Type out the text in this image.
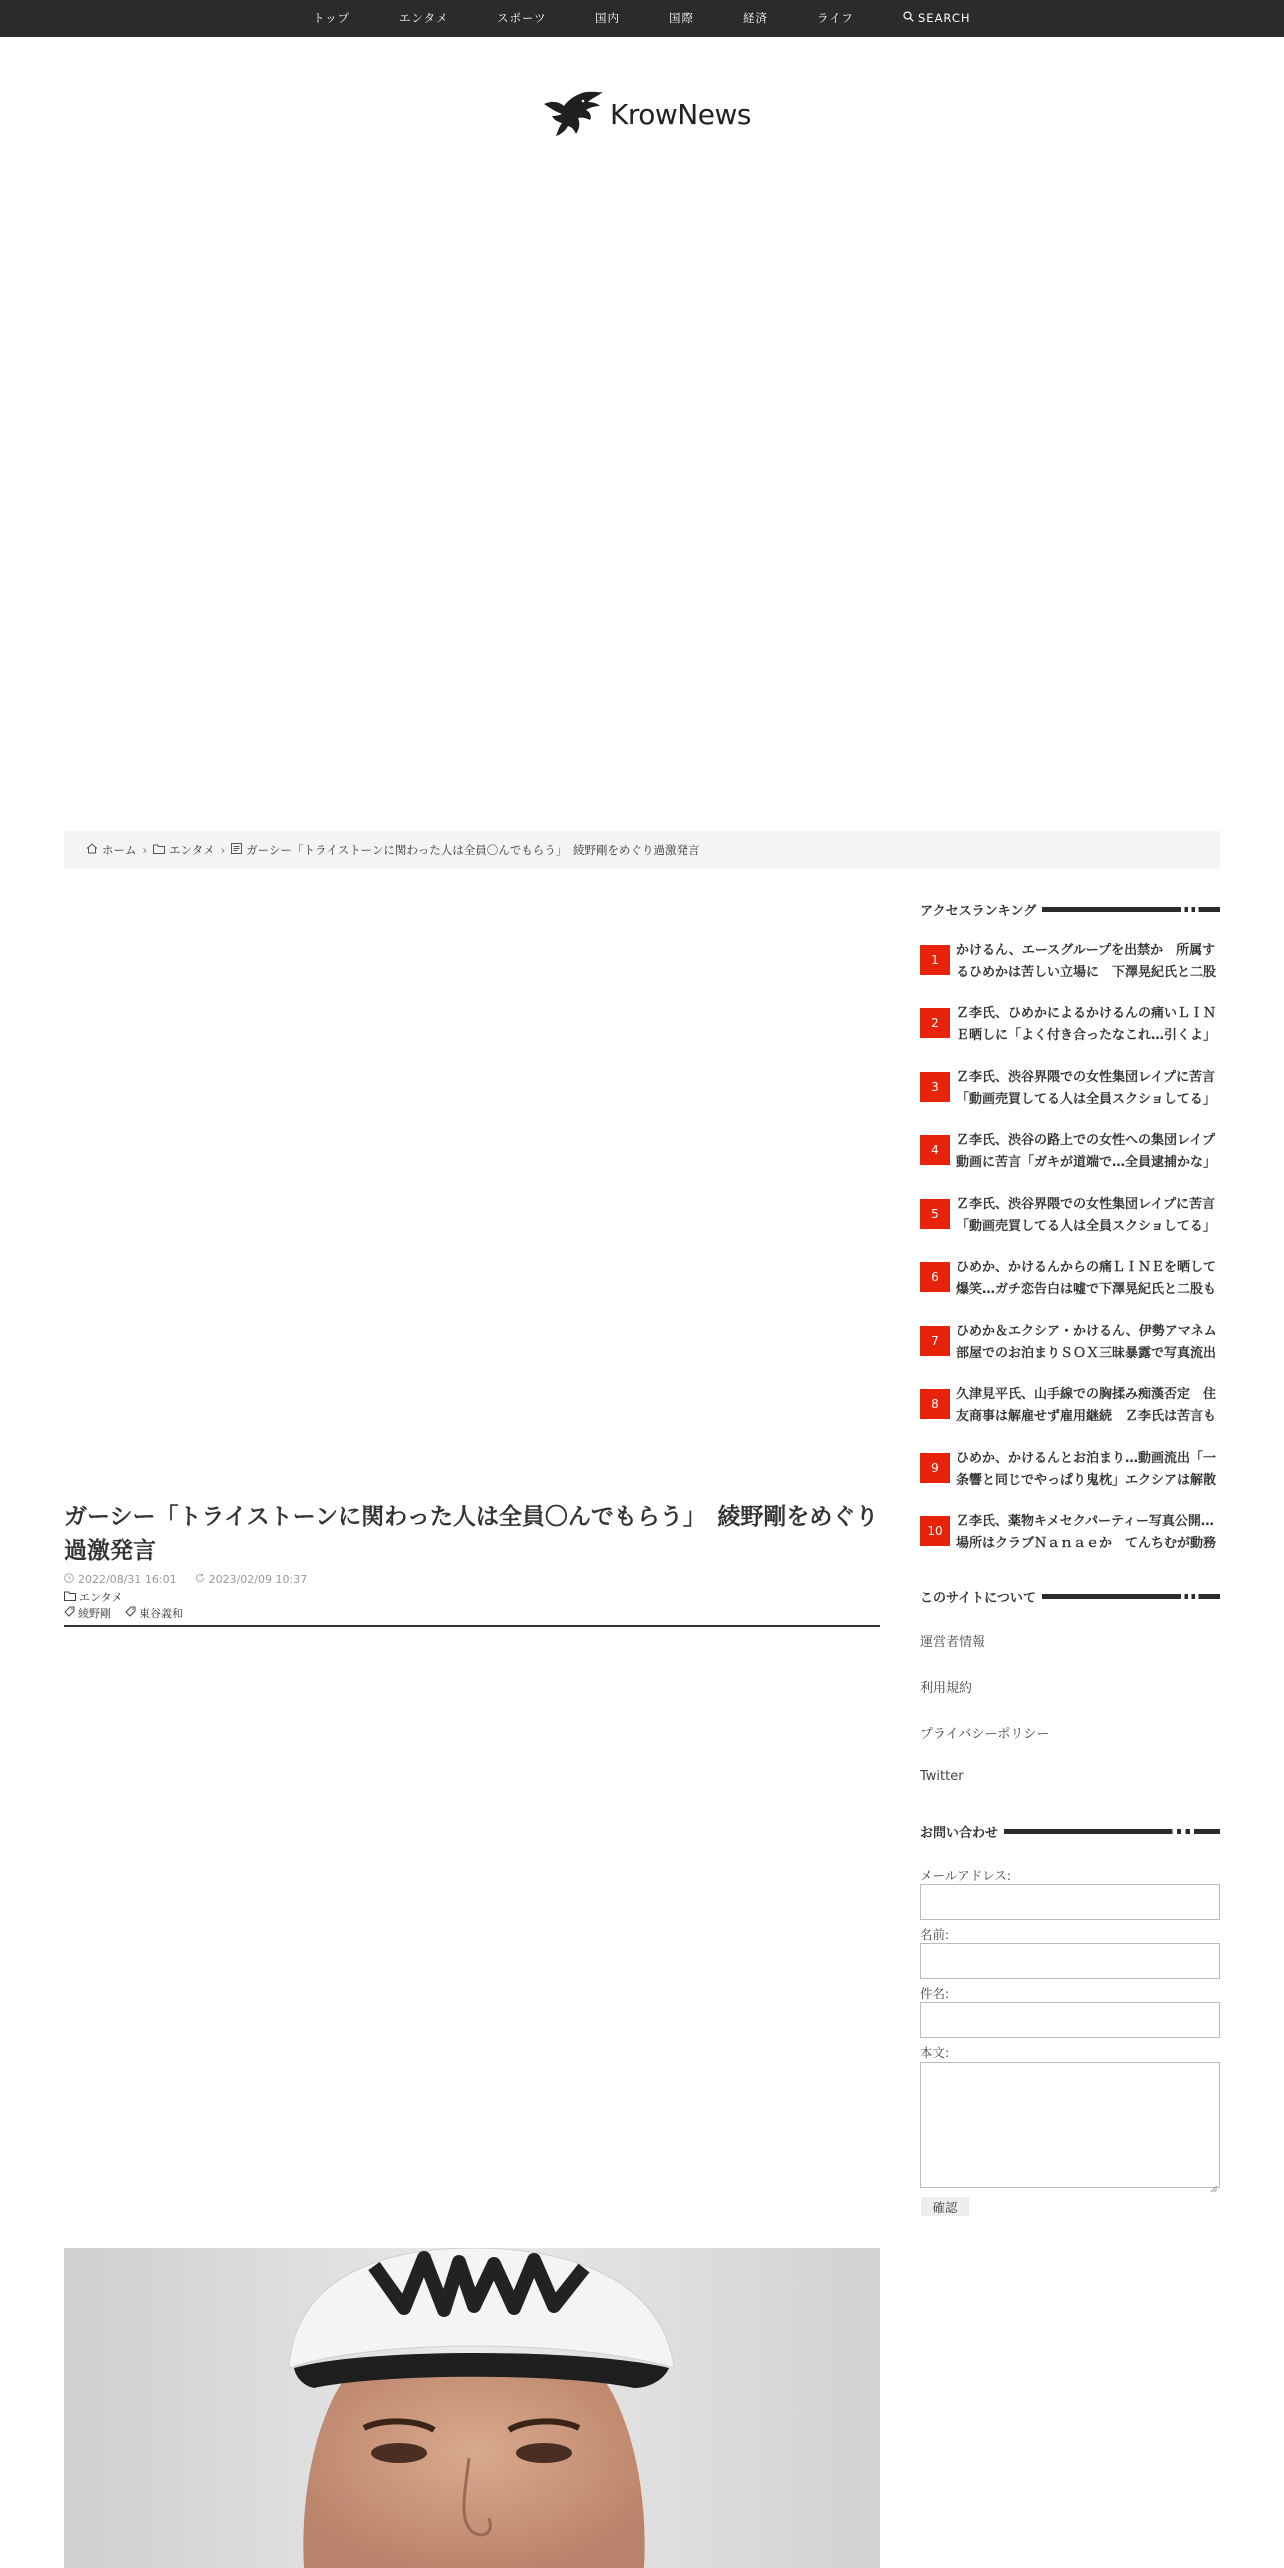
トップ	エンタメ	スポーツ	国内	国際	経済	ライフ	SEARCH
KrowNews
ホーム › エンタメ › ガーシー「トライストーンに関わった人は全員〇んでもらう」　綾野剛をめぐり過激発言
ガーシー「トライストーンに関わった人は全員〇んでもらう」　綾野剛をめぐり過激発言
2022/08/31 16:01	2023/02/09 10:37
エンタメ
綾野剛	東谷義和
アクセスランキング
1
かけるん、エースグループを出禁か　所属するひめかは苦しい立場に　下澤晃紀氏と二股
2
Ｚ李氏、ひめかによるかけるんの痛いＬＩＮＥ晒しに「よく付き合ったなこれ…引くよ」
3
Ｚ李氏、渋谷界隈での女性集団レイプに苦言「動画売買してる人は全員スクショしてる」
4
Ｚ李氏、渋谷の路上での女性への集団レイプ動画に苦言「ガキが道端で…全員逮捕かな」
5
Ｚ李氏、渋谷界隈での女性集団レイプに苦言「動画売買してる人は全員スクショしてる」
6
ひめか、かけるんからの痛ＬＩＮＥを晒して爆笑…ガチ恋告白は嘘で下澤晃紀氏と二股も
7
ひめか＆エクシア・かけるん、伊勢アマネム部屋でのお泊まりＳＯＸ三昧暴露で写真流出
8
久津見平氏、山手線での胸揉み痴漢否定　住友商事は解雇せず雇用継続　Ｚ李氏は苦言も
9
ひめか、かけるんとお泊まり…動画流出「一条響と同じでやっぱり鬼枕」エクシアは解散
10
Ｚ李氏、薬物キメセクパーティー写真公開…場所はクラブＮａｎａｅか　てんちむが動務
このサイトについて
運営者情報
利用規約
プライバシーポリシー
Twitter
お問い合わせ
メールアドレス:
名前:
件名:
本文:
確認
